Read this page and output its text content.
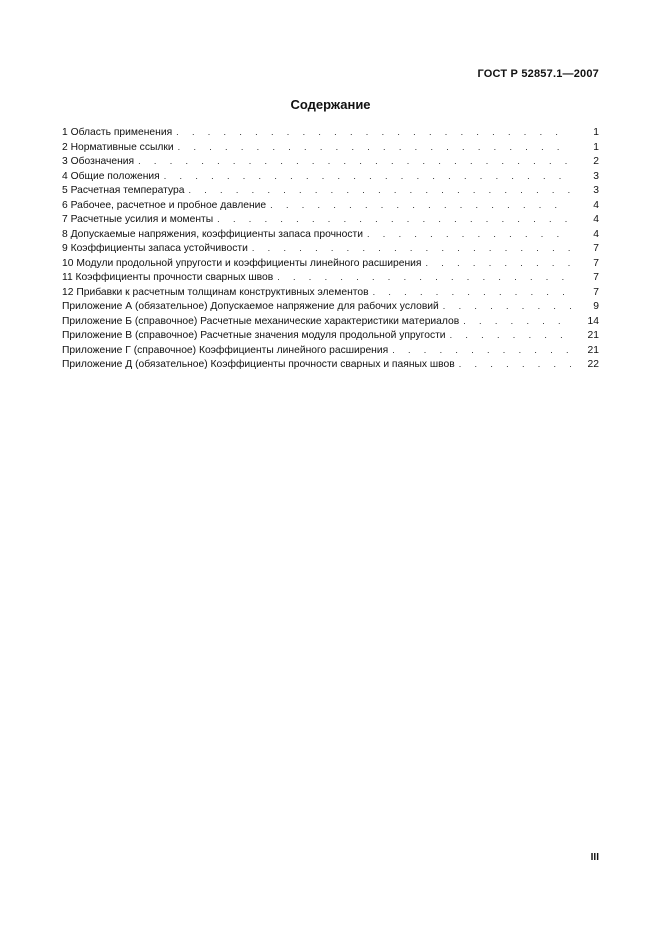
ГОСТ Р 52857.1—2007
Содержание
1 Область применения . . .	1
2 Нормативные ссылки . . .	1
3 Обозначения . . .	2
4 Общие положения . . .	3
5 Расчетная температура . . .	3
6 Рабочее, расчетное и пробное давление . . .	4
7 Расчетные усилия и моменты . . .	4
8 Допускаемые напряжения, коэффициенты запаса прочности . . .	4
9 Коэффициенты запаса устойчивости . . .	7
10 Модули продольной упругости и коэффициенты линейного расширения . . .	7
11 Коэффициенты прочности сварных швов . . .	7
12 Прибавки к расчетным толщинам конструктивных элементов . . .	7
Приложение А (обязательное) Допускаемое напряжение для рабочих условий . . .	9
Приложение Б (справочное) Расчетные механические характеристики материалов . . .	14
Приложение В (справочное) Расчетные значения модуля продольной упругости . . .	21
Приложение Г (справочное) Коэффициенты линейного расширения . . .	21
Приложение Д (обязательное) Коэффициенты прочности сварных и паяных швов . . .	22
III
